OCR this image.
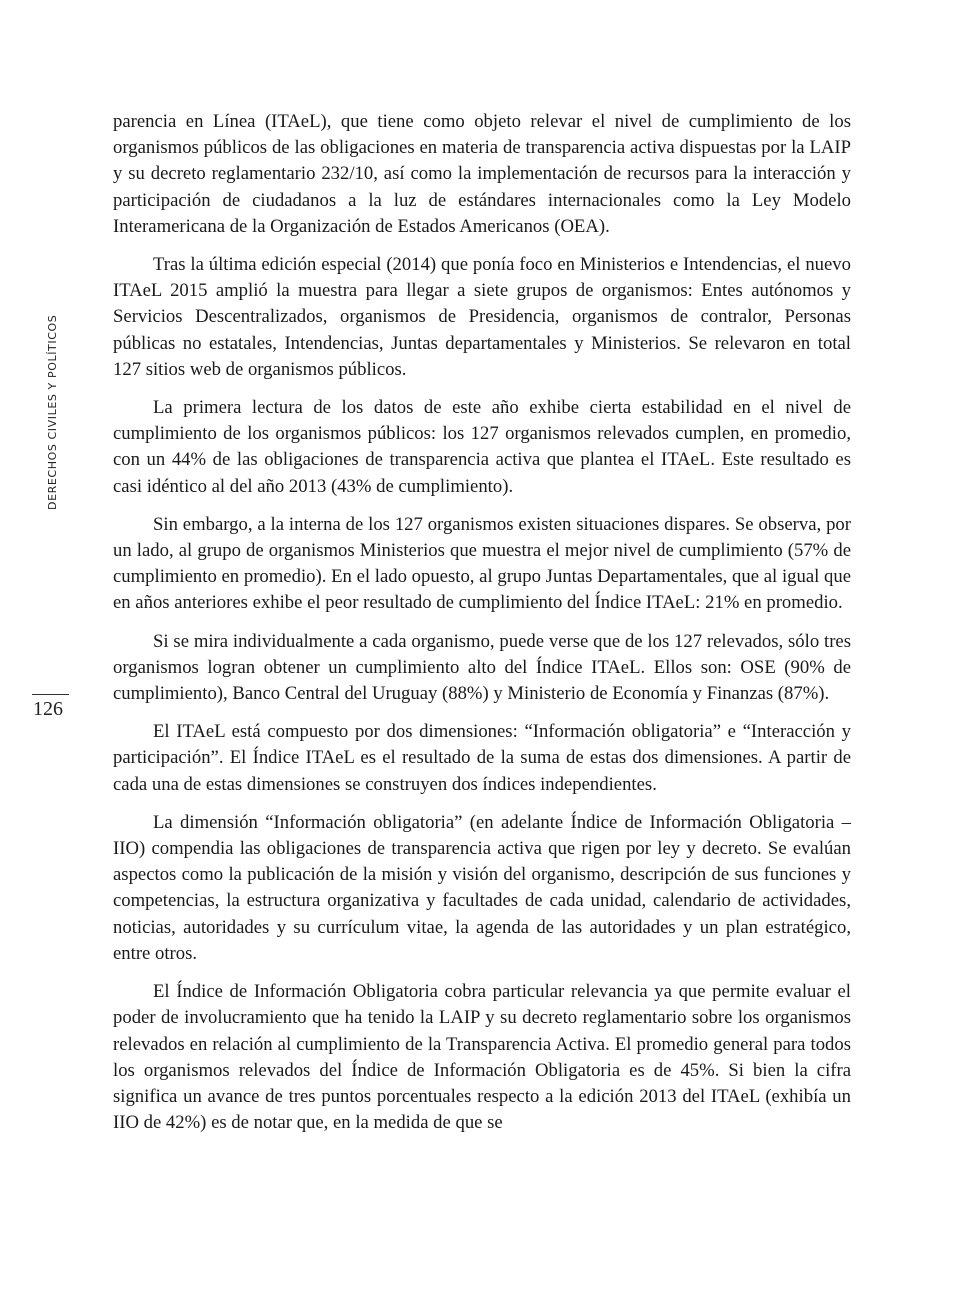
DERECHOS CIVILES Y POLÍTICOS
126

parencia en Línea (ITAeL), que tiene como objeto relevar el nivel de cumplimiento de los organismos públicos de las obligaciones en materia de transparencia activa dispuestas por la LAIP y su decreto reglamentario 232/10, así como la implementación de recursos para la interacción y participación de ciudadanos a la luz de estándares internacionales como la Ley Modelo Interamericana de la Organización de Estados Americanos (OEA).

Tras la última edición especial (2014) que ponía foco en Ministerios e Intendencias, el nuevo ITAeL 2015 amplió la muestra para llegar a siete grupos de organismos: Entes autónomos y Servicios Descentralizados, organismos de Presidencia, organismos de contralor, Personas públicas no estatales, Intendencias, Juntas departamentales y Ministerios. Se relevaron en total 127 sitios web de organismos públicos.

La primera lectura de los datos de este año exhibe cierta estabilidad en el nivel de cumplimiento de los organismos públicos: los 127 organismos relevados cumplen, en promedio, con un 44% de las obligaciones de transparencia activa que plantea el ITAeL. Este resultado es casi idéntico al del año 2013 (43% de cumplimiento).

Sin embargo, a la interna de los 127 organismos existen situaciones dispares. Se observa, por un lado, al grupo de organismos Ministerios que muestra el mejor nivel de cumplimiento (57% de cumplimiento en promedio). En el lado opuesto, al grupo Juntas Departamentales, que al igual que en años anteriores exhibe el peor resultado de cumplimiento del Índice ITAeL: 21% en promedio.

Si se mira individualmente a cada organismo, puede verse que de los 127 relevados, sólo tres organismos logran obtener un cumplimiento alto del Índice ITAeL. Ellos son: OSE (90% de cumplimiento), Banco Central del Uruguay (88%) y Ministerio de Economía y Finanzas (87%).

El ITAeL está compuesto por dos dimensiones: “Información obligatoria” e “Interacción y participación”. El Índice ITAeL es el resultado de la suma de estas dos dimensiones. A partir de cada una de estas dimensiones se construyen dos índices independientes.

La dimensión “Información obligatoria” (en adelante Índice de Información Obligatoria – IIO) compendia las obligaciones de transparencia activa que rigen por ley y decreto. Se evalúan aspectos como la publicación de la misión y visión del organismo, descripción de sus funciones y competencias, la estructura organizativa y facultades de cada unidad, calendario de actividades, noticias, autoridades y su currículum vitae, la agenda de las autoridades y un plan estratégico, entre otros.

El Índice de Información Obligatoria cobra particular relevancia ya que permite evaluar el poder de involucramiento que ha tenido la LAIP y su decreto reglamentario sobre los organismos relevados en relación al cumplimiento de la Transparencia Activa. El promedio general para todos los organismos relevados del Índice de Información Obligatoria es de 45%. Si bien la cifra significa un avance de tres puntos porcentuales respecto a la edición 2013 del ITAeL (exhibía un IIO de 42%) es de notar que, en la medida de que se
